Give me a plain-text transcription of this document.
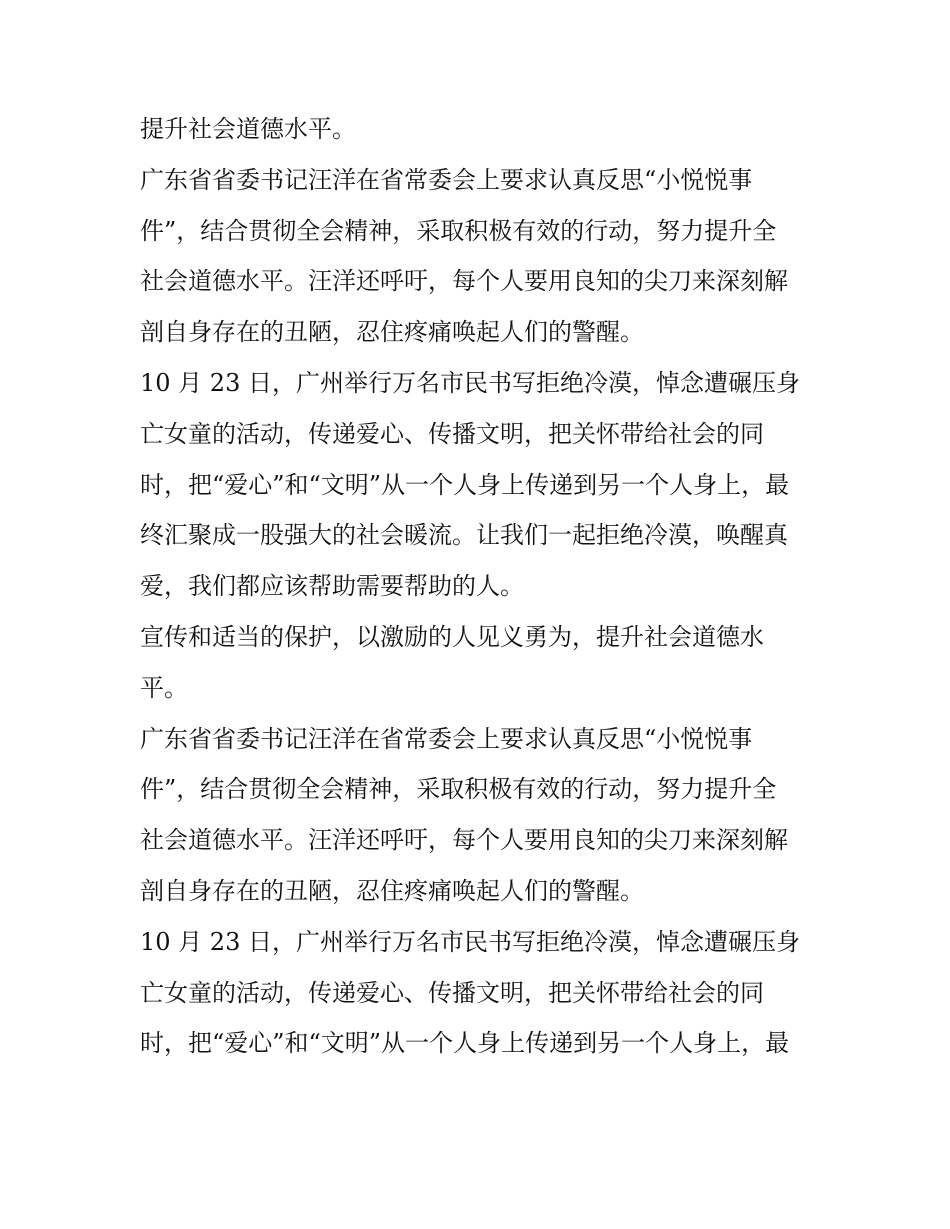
提升社会道德水平。
广东省省委书记汪洋在省常委会上要求认真反思“小悦悦事
件”，结合贯彻全会精神，采取积极有效的行动，努力提升全
社会道德水平。汪洋还呼吁，每个人要用良知的尖刀来深刻解
剖自身存在的丑陋，忍住疼痛唤起人们的警醒。
10 月 23 日，广州举行万名市民书写拒绝冷漠，悼念遭碾压身
亡女童的活动，传递爱心、传播文明，把关怀带给社会的同
时，把“爱心”和“文明”从一个人身上传递到另一个人身上，最
终汇聚成一股强大的社会暖流。让我们一起拒绝冷漠，唤醒真
爱，我们都应该帮助需要帮助的人。
宣传和适当的保护，以激励的人见义勇为，提升社会道德水
平。
广东省省委书记汪洋在省常委会上要求认真反思“小悦悦事
件”，结合贯彻全会精神，采取积极有效的行动，努力提升全
社会道德水平。汪洋还呼吁，每个人要用良知的尖刀来深刻解
剖自身存在的丑陋，忍住疼痛唤起人们的警醒。
10 月 23 日，广州举行万名市民书写拒绝冷漠，悼念遭碾压身
亡女童的活动，传递爱心、传播文明，把关怀带给社会的同
时，把“爱心”和“文明”从一个人身上传递到另一个人身上，最
